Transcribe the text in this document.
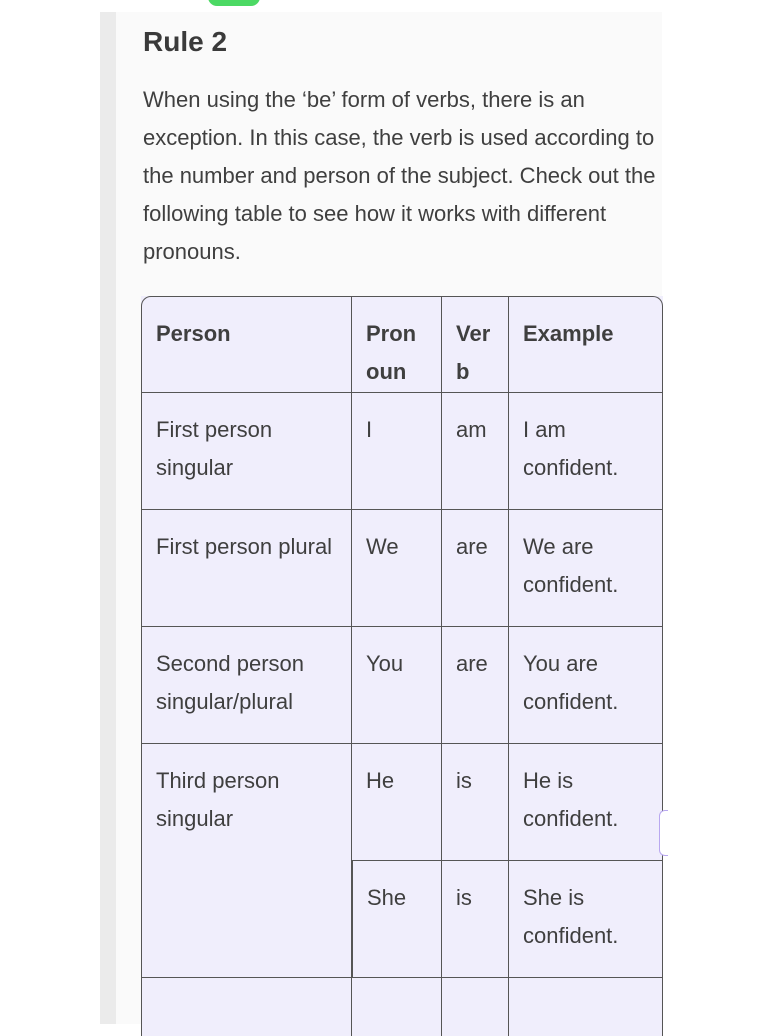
Rule 2

When using the ‘be’ form of verbs, there is an exception. In this case, the verb is used according to the number and person of the subject. Check out the following table to see how it works with different pronouns.

Person	Pronoun	Verb	Example
First person singular	I	am	I am confident.
First person plural	We	are	We are confident.
Second person singular/plural	You	are	You are confident.
Third person singular	He	is	He is confident.
	She	is	She is confident.
